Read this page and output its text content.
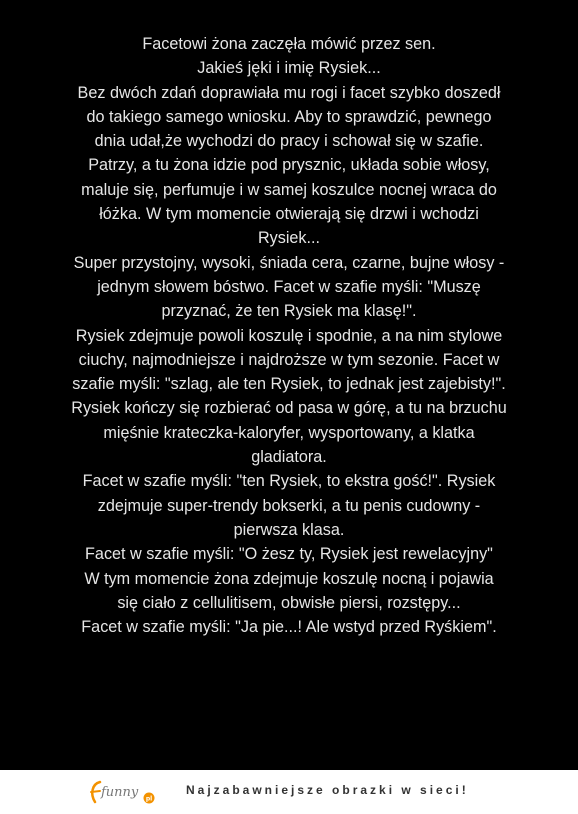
Facetowi żona zaczęła mówić przez sen.

Jakieś jęki i imię Rysiek...

Bez dwóch zdań doprawiała mu rogi i facet szybko doszedł

do takiego samego wniosku. Aby to sprawdzić, pewnego

dnia udał,że wychodzi do pracy i schował się w szafie.

Patrzy, a tu żona idzie pod prysznic, układa sobie włosy,

maluje się, perfumuje i w samej koszulce nocnej wraca do

łóżka. W tym momencie otwierają się drzwi i wchodzi

Rysiek...

Super przystojny, wysoki, śniada cera, czarne, bujne włosy -

jednym słowem bóstwo. Facet w szafie myśli: "Muszę

przyznać, że ten Rysiek ma klasę!".

Rysiek zdejmuje powoli koszulę i spodnie, a na nim stylowe

ciuchy, najmodniejsze i najdroższe w tym sezonie. Facet w

szafie myśli: "szlag, ale ten Rysiek, to jednak jest zajebisty!".

Rysiek kończy się rozbierać od pasa w górę, a tu na brzuchu

mięśnie krateczka-kaloryfer, wysportowany, a klatka

gladiatora.

Facet w szafie myśli: "ten Rysiek, to ekstra gość!". Rysiek

zdejmuje super-trendy bokserki, a tu penis cudowny -

pierwsza klasa.

Facet w szafie myśli: "O żesz ty, Rysiek jest rewelacyjny"

W tym momencie żona zdejmuje koszulę nocną i pojawia

się ciało z cellulitisem, obwisłe piersi, rozstępy...

Facet w szafie myśli: "Ja pie...! Ale wstyd przed Ryśkiem".

funny pl
Najzabawniejsze obrazki w sieci!
